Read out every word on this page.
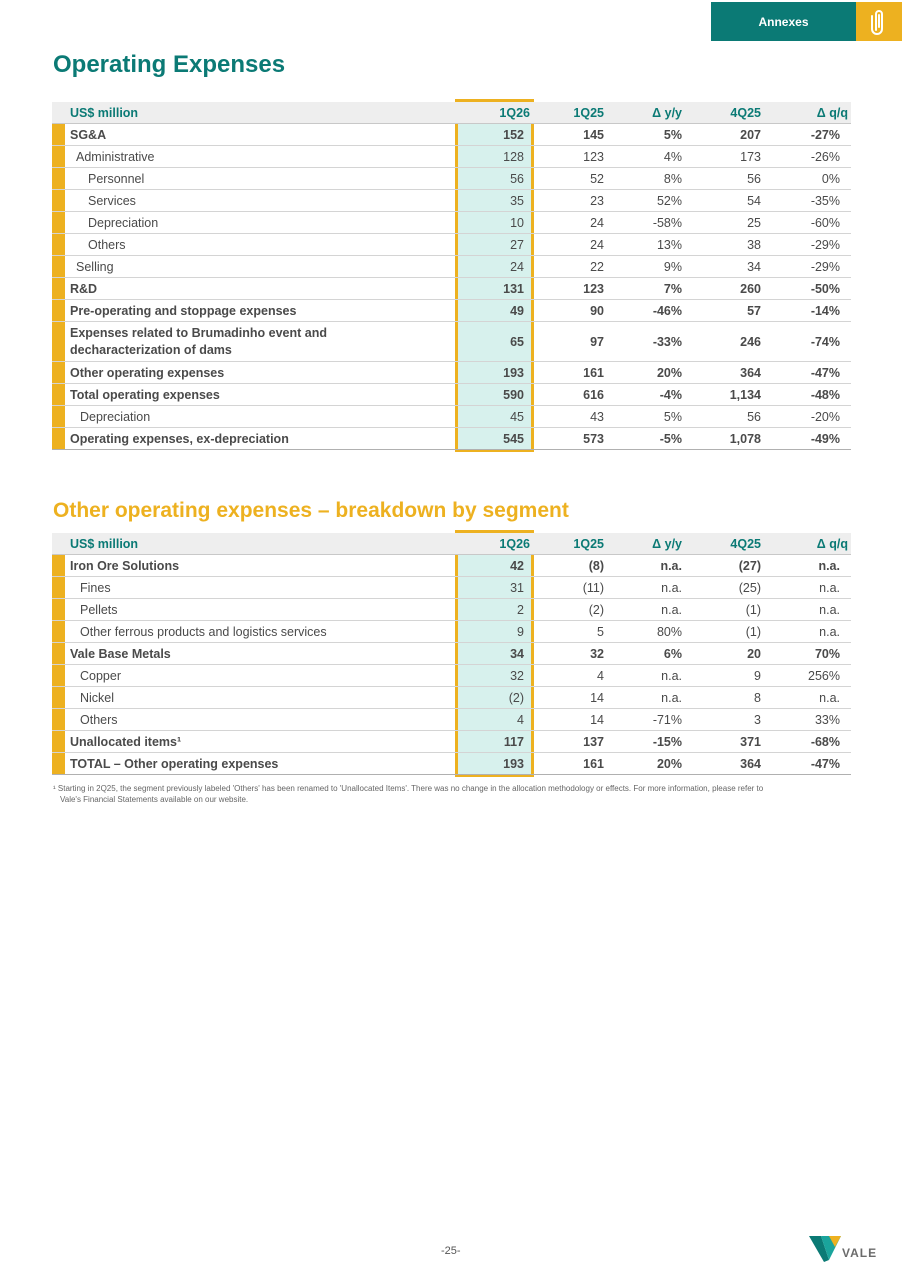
Annexes
Operating Expenses
US$ million	1Q26	1Q25	Δ y/y	4Q25	Δ q/q
SG&A	152	145	5%	207	-27%
Administrative	128	123	4%	173	-26%
Personnel	56	52	8%	56	0%
Services	35	23	52%	54	-35%
Depreciation	10	24	-58%	25	-60%
Others	27	24	13%	38	-29%
Selling	24	22	9%	34	-29%
R&D	131	123	7%	260	-50%
Pre-operating and stoppage expenses	49	90	-46%	57	-14%
Expenses related to Brumadinho event and decharacterization of dams
65	97	-33%	246	-74%
Other operating expenses	193	161	20%	364	-47%
Total operating expenses	590	616	-4%	1,134	-48%
Depreciation	45	43	5%	56	-20%
Operating expenses, ex-depreciation	545	573	-5%	1,078	-49%
Other operating expenses – breakdown by segment
US$ million	1Q26	1Q25	Δ y/y	4Q25	Δ q/q
Iron Ore Solutions	42	(8)	n.a.	(27)	n.a.
Fines	31	(11)	n.a.	(25)	n.a.
Pellets	2	(2)	n.a.	(1)	n.a.
Other ferrous products and logistics services	9	5	80%	(1)	n.a.
Vale Base Metals	34	32	6%	20	70%
Copper	32	4	n.a.	9	256%
Nickel	(2)	14	n.a.	8	n.a.
Others	4	14	-71%	3	33%
Unallocated items¹	117	137	-15%	371	-68%
TOTAL – Other operating expenses	193	161	20%	364	-47%
¹ Starting in 2Q25, the segment previously labeled 'Others' has been renamed to 'Unallocated Items'. There was no change in the allocation methodology or effects. For more information, please refer to
Vale's Financial Statements available on our website.
-25-	VALE
